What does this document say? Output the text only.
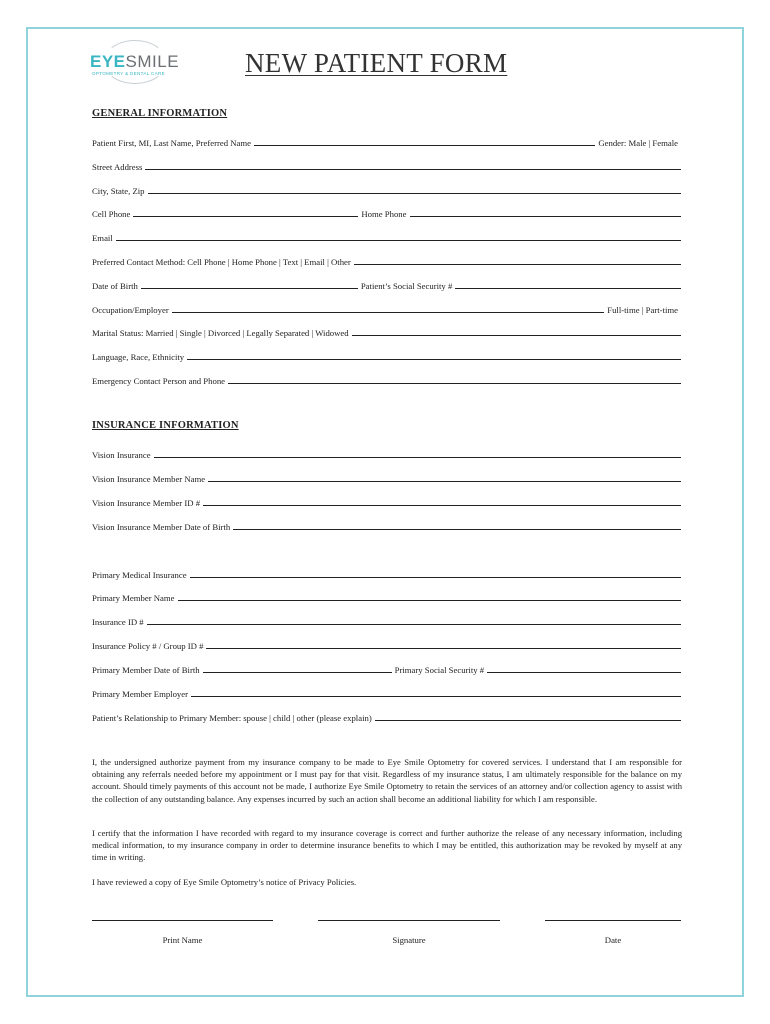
EYESMILE
OPTOMETRY & DENTAL CARE	NEW PATIENT FORM
GENERAL INFORMATION
Patient First, MI, Last Name, Preferred Name	Gender: Male | Female
Street Address
City, State, Zip
Cell Phone	Home Phone
Email
Preferred Contact Method: Cell Phone | Home Phone | Text | Email | Other
Date of Birth	Patient’s Social Security #
Occupation/Employer	Full-time | Part-time
Marital Status: Married | Single | Divorced | Legally Separated | Widowed
Language, Race, Ethnicity
Emergency Contact Person and Phone
INSURANCE INFORMATION
Vision Insurance
Vision Insurance Member Name
Vision Insurance Member ID #
Vision Insurance Member Date of Birth
Primary Medical Insurance
Primary Member Name
Insurance ID #
Insurance Policy # / Group ID #
Primary Member Date of Birth	Primary Social Security #
Primary Member Employer
Patient’s Relationship to Primary Member: spouse | child | other (please explain)
I, the undersigned authorize payment from my insurance company to be made to Eye Smile Optometry for covered services. I understand that I am responsible for obtaining any referrals needed before my appointment or I must pay for that visit. Regardless of my insurance status, I am ultimately responsible for the balance on my account. Should timely payments of this account not be made, I authorize Eye Smile Optometry to retain the services of an attorney and/or collection agency to assist with the collection of any outstanding balance. Any expenses incurred by such an action shall become an additional liability for which I am responsible.
I certify that the information I have recorded with regard to my insurance coverage is correct and further authorize the release of any necessary information, including medical information, to my insurance company in order to determine insurance benefits to which I may be entitled, this authorization may be revoked by myself at any time in writing.
I have reviewed a copy of Eye Smile Optometry’s notice of Privacy Policies.
Print Name	Signature	Date
